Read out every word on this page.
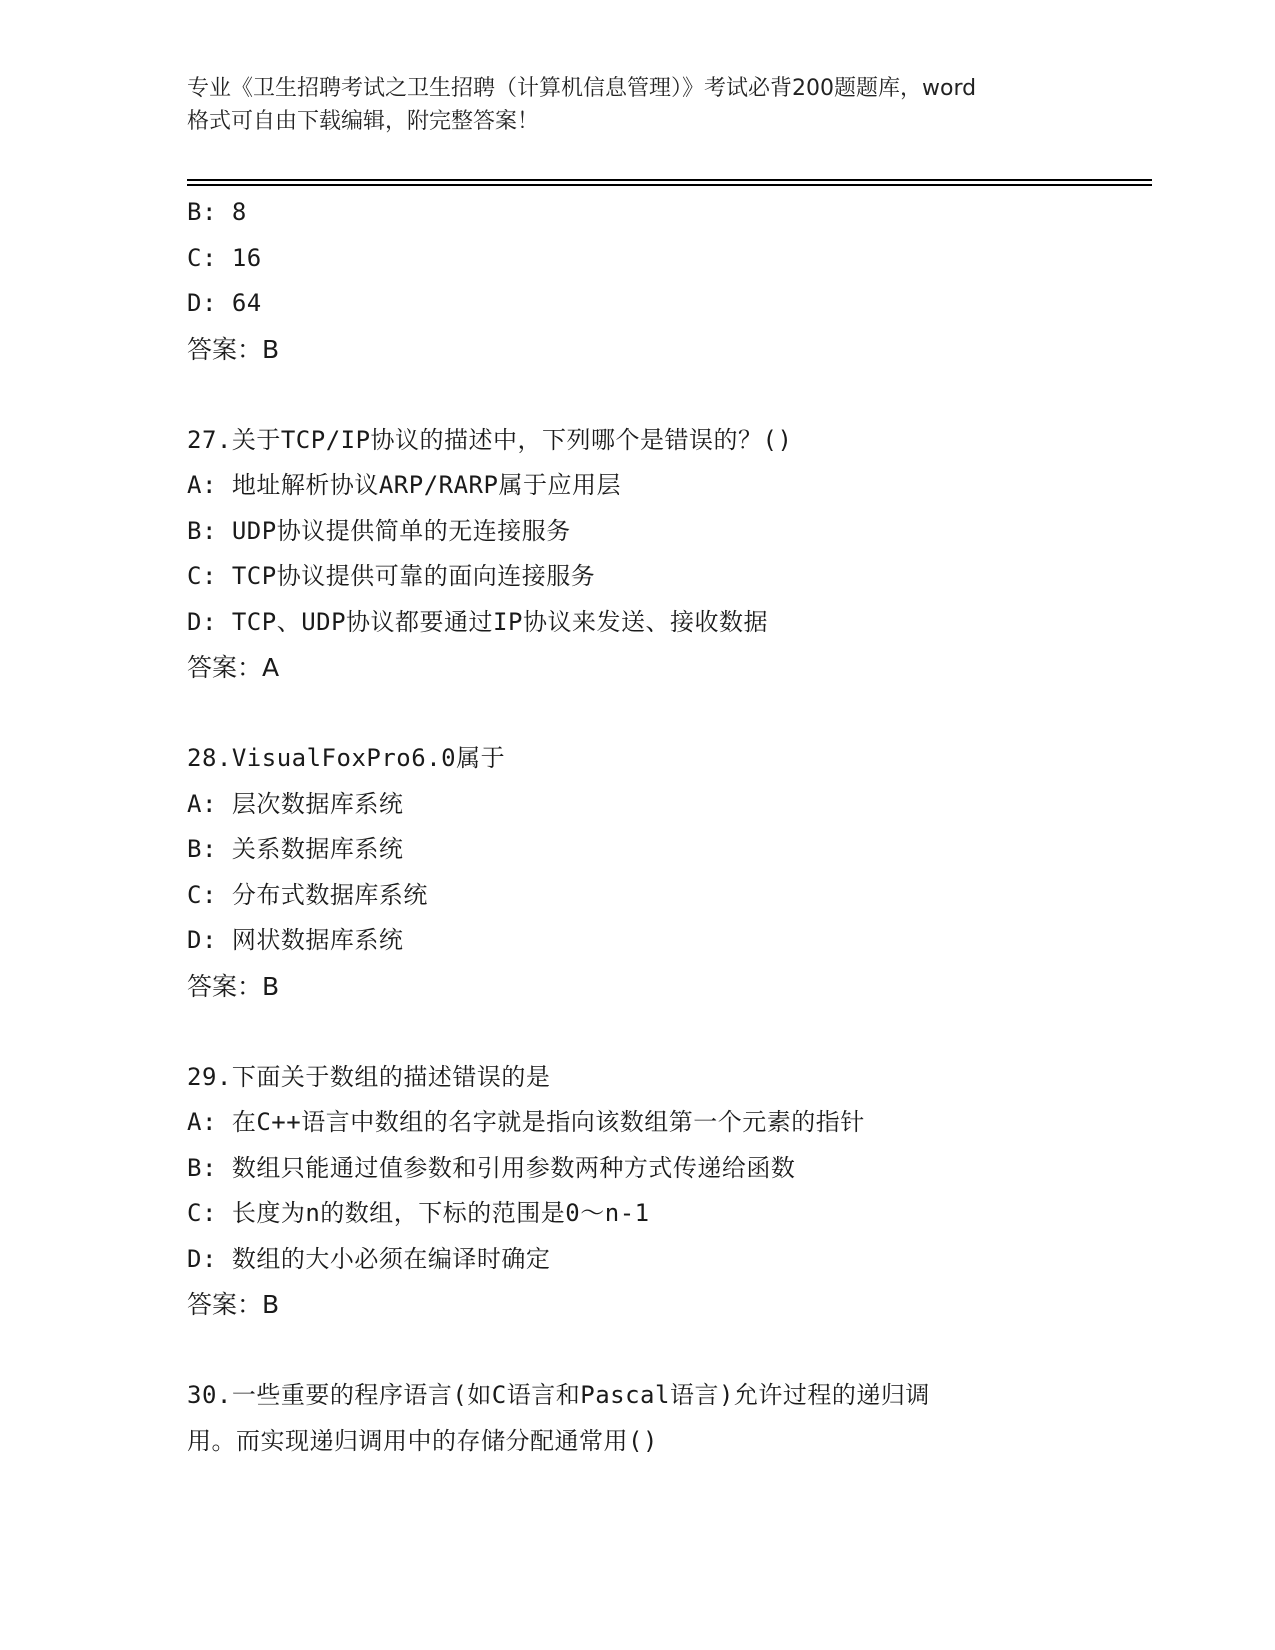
专业《卫生招聘考试之卫生招聘（计算机信息管理）》考试必背200题题库，word
格式可自由下载编辑，附完整答案！
B: 8
C: 16
D: 64
答案：B
27.关于TCP/IP协议的描述中，下列哪个是错误的？()
A: 地址解析协议ARP/RARP属于应用层
B: UDP协议提供简单的无连接服务
C: TCP协议提供可靠的面向连接服务
D: TCP、UDP协议都要通过IP协议来发送、接收数据
答案：A
28.VisualFoxPro6.0属于
A: 层次数据库系统
B: 关系数据库系统
C: 分布式数据库系统
D: 网状数据库系统
答案：B
29.下面关于数组的描述错误的是
A: 在C++语言中数组的名字就是指向该数组第一个元素的指针
B: 数组只能通过值参数和引用参数两种方式传递给函数
C: 长度为n的数组，下标的范围是0～n-1
D: 数组的大小必须在编译时确定
答案：B
30.一些重要的程序语言(如C语言和Pascal语言)允许过程的递归调
用。而实现递归调用中的存储分配通常用()
